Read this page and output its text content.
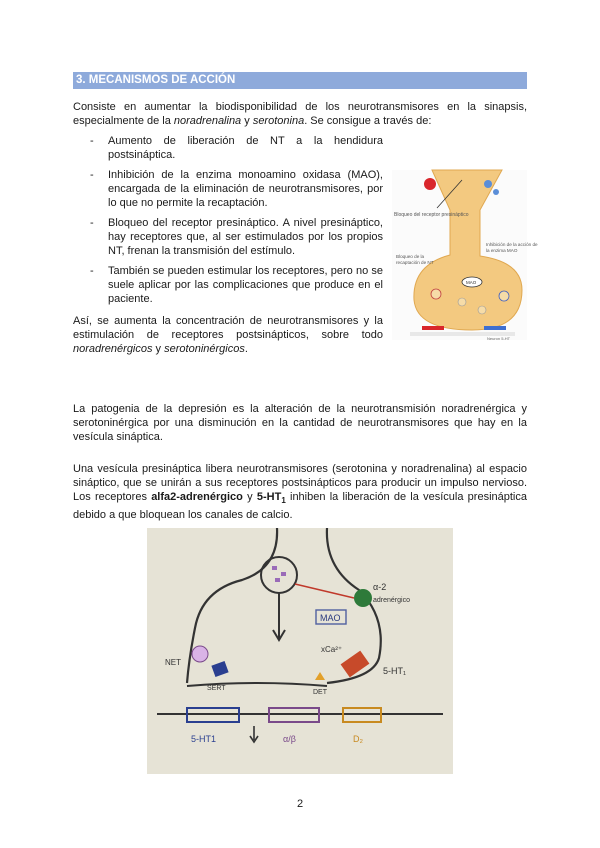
3. MECANISMOS DE ACCIÓN

Consiste en aumentar la biodisponibilidad de los neurotransmisores en la sinapsis, especialmente de la noradrenalina y serotonina. Se consigue a través de:

- Aumento de liberación de NT a la hendidura postsináptica.
- Inhibición de la enzima monoamino oxidasa (MAO), encargada de la eliminación de neurotransmisores, por lo que no permite la recaptación.
- Bloqueo del receptor presináptico. A nivel presináptico, hay receptores que, al ser estimulados por los propios NT, frenan la transmisión del estímulo.
- También se pueden estimular los receptores, pero no se suele aplicar por las complicaciones que produce en el paciente.

Así, se aumenta la concentración de neurotransmisores y la estimulación de receptores postsinápticos, sobre todo noradrenérgicos y serotoninérgicos.

Bloqueo del receptor presináptico
Inhibición de la acción de
la enzima MAO
Bloqueo de la
recaptación de NT
MAO
Neuron 5-HT

La patogenia de la depresión es la alteración de la neurotransmisión noradrenérgica y serotoninérgica por una disminución en la cantidad de neurotransmisores que hay en la vesícula sináptica.

Una vesícula presináptica libera neurotransmisores (serotonina y noradrenalina) al espacio sináptico, que se unirán a sus receptores postsinápticos para producir un impulso nervioso. Los receptores alfa2-adrenérgico y $5-HT_1$ inhiben la liberación de la vesícula presináptica debido a que bloquean los canales de calcio.

α-2
adrenérgico
MAO
xCa²⁺
NET
SERT
5-HT₁
DET
5-HT1	α/β	D₂
2
